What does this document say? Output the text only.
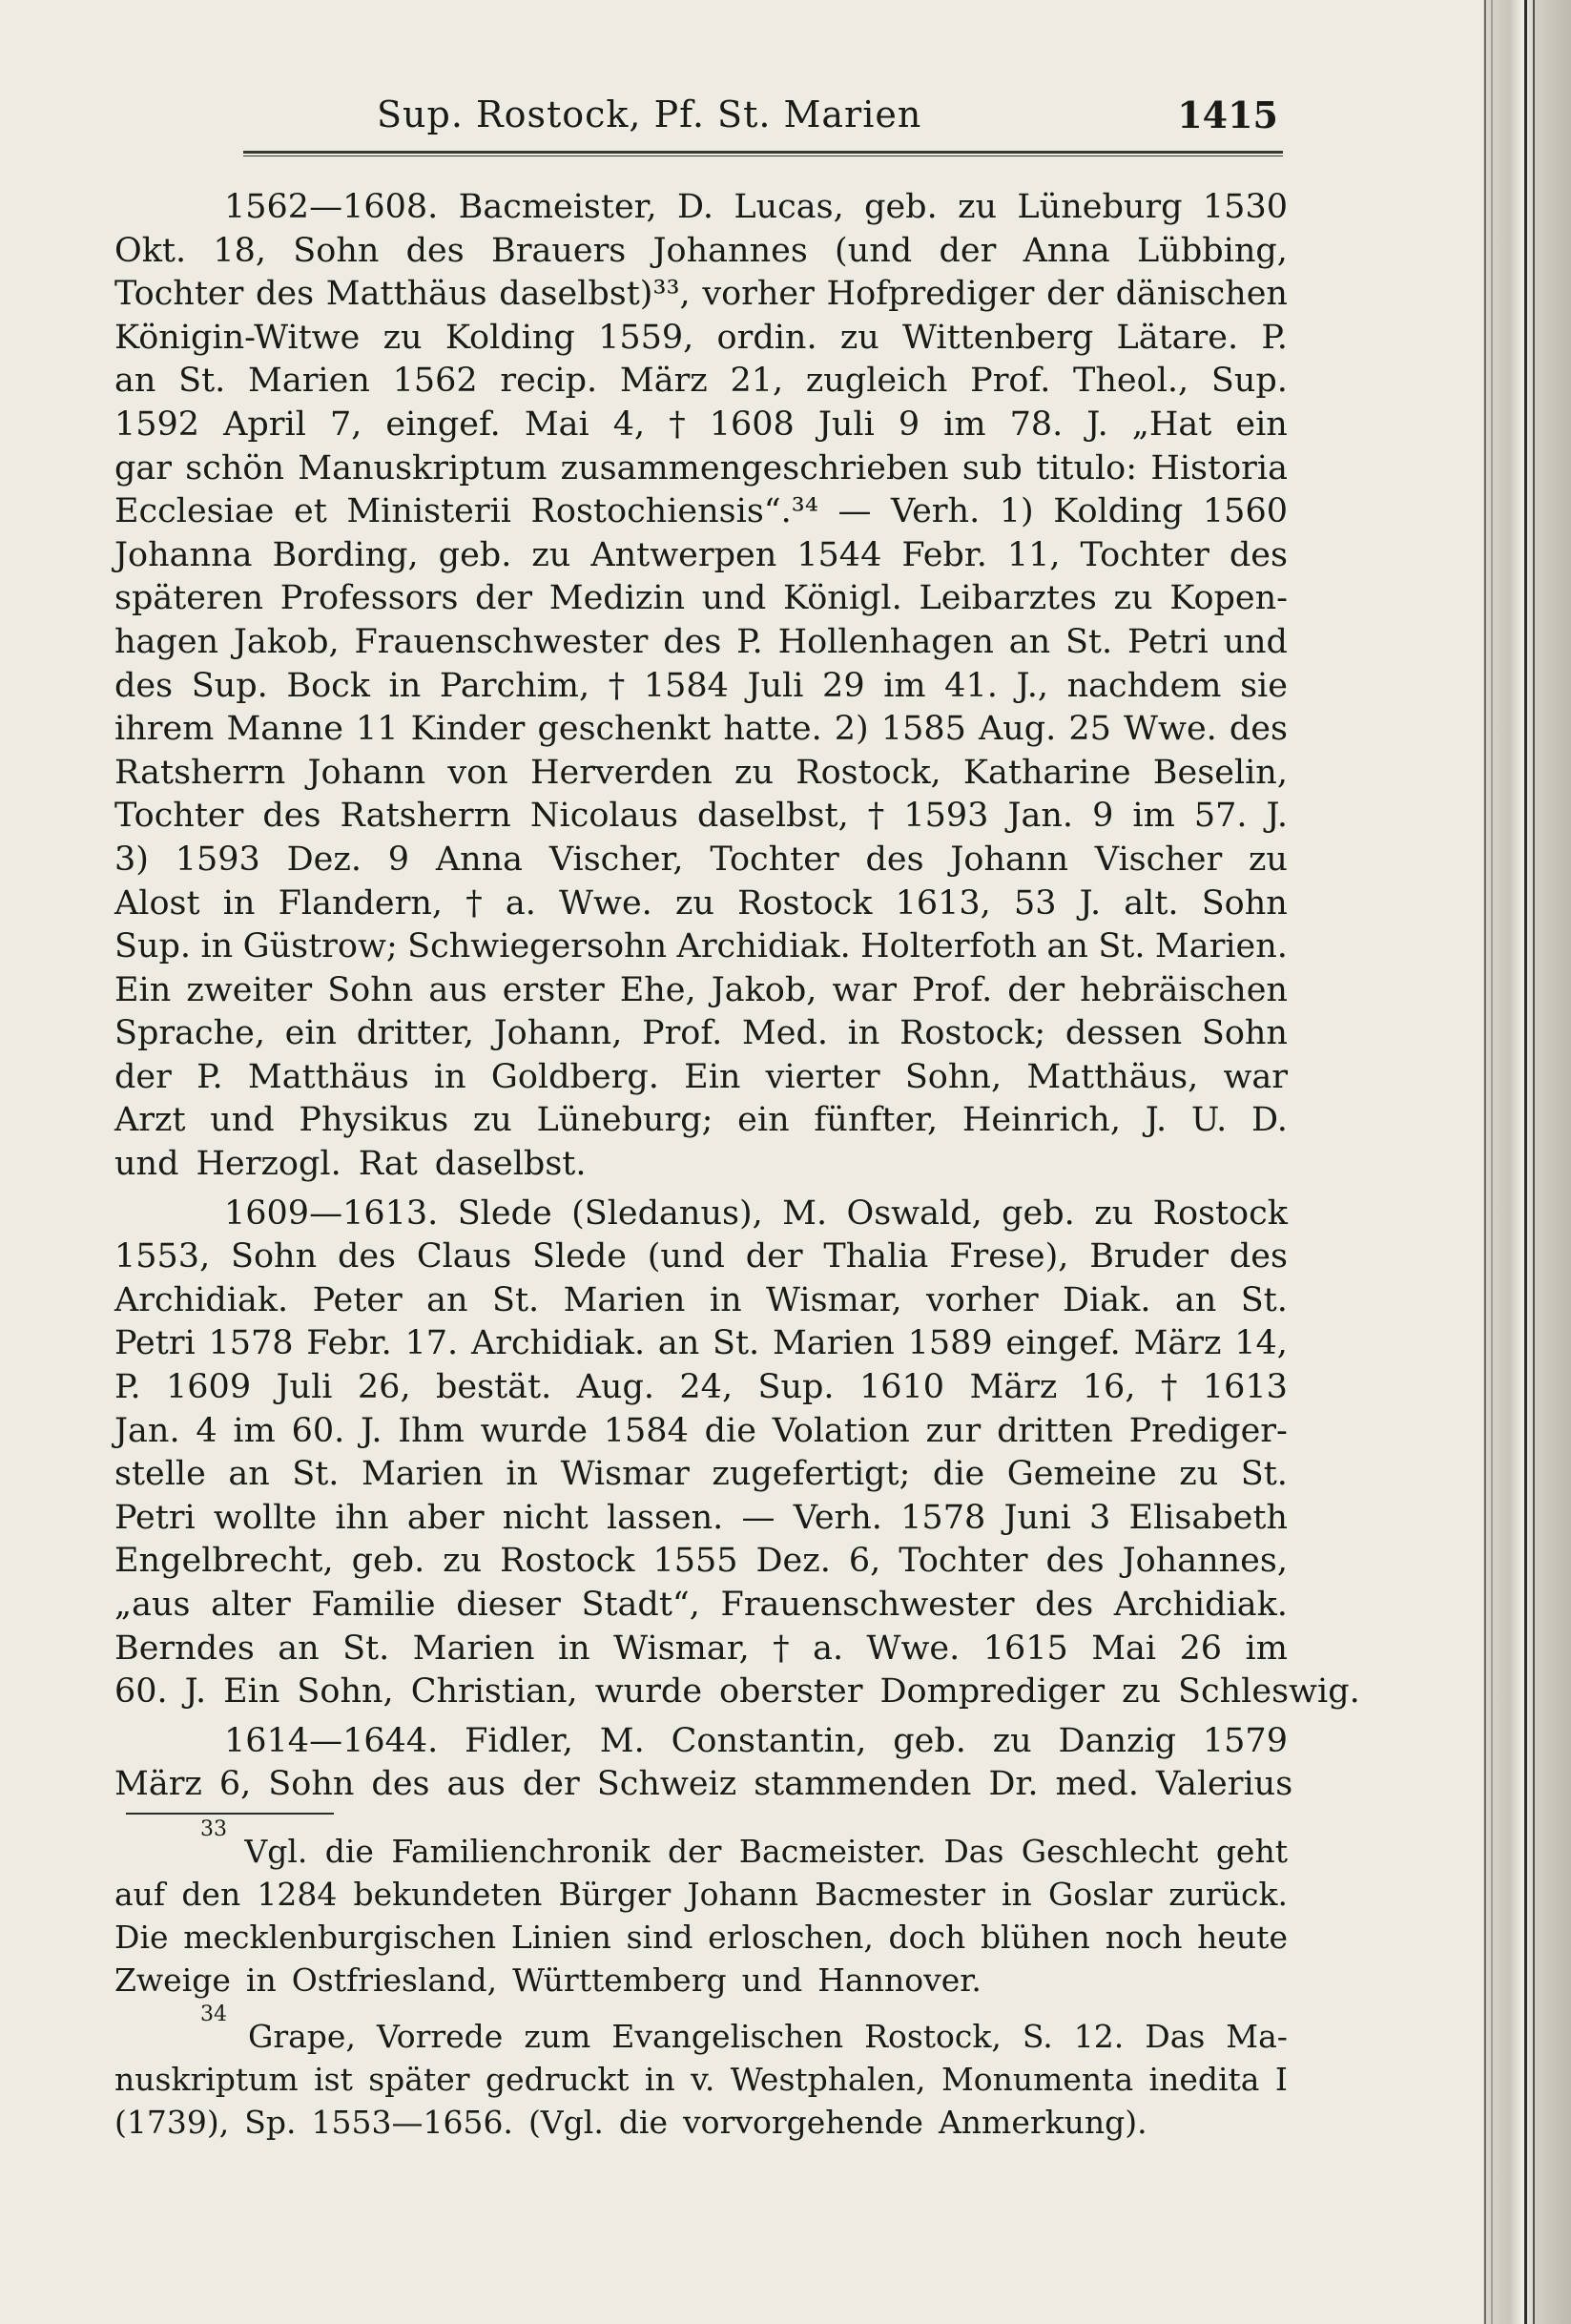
Sup. Rostock, Pf. St. Marien	1415
1562—1608. Bacmeister, D. Lucas, geb. zu Lüneburg 1530
Okt. 18, Sohn des Brauers Johannes (und der Anna Lübbing,
Tochter des Matthäus daselbst)³³, vorher Hofprediger der dänischen
Königin-Witwe zu Kolding 1559, ordin. zu Wittenberg Lätare. P.
an St. Marien 1562 recip. März 21, zugleich Prof. Theol., Sup.
1592 April 7, eingef. Mai 4, † 1608 Juli 9 im 78. J. „Hat ein
gar schön Manuskriptum zusammengeschrieben sub titulo: Historia
Ecclesiae et Ministerii Rostochiensis“.³⁴ — Verh. 1) Kolding 1560
Johanna Bording, geb. zu Antwerpen 1544 Febr. 11, Tochter des
späteren Professors der Medizin und Königl. Leibarztes zu Kopen-
hagen Jakob, Frauenschwester des P. Hollenhagen an St. Petri und
des Sup. Bock in Parchim, † 1584 Juli 29 im 41. J., nachdem sie
ihrem Manne 11 Kinder geschenkt hatte. 2) 1585 Aug. 25 Wwe. des
Ratsherrn Johann von Herverden zu Rostock, Katharine Beselin,
Tochter des Ratsherrn Nicolaus daselbst, † 1593 Jan. 9 im 57. J.
3) 1593 Dez. 9 Anna Vischer, Tochter des Johann Vischer zu
Alost in Flandern, † a. Wwe. zu Rostock 1613, 53 J. alt. Sohn
Sup. in Güstrow; Schwiegersohn Archidiak. Holterfoth an St. Marien.
Ein zweiter Sohn aus erster Ehe, Jakob, war Prof. der hebräischen
Sprache, ein dritter, Johann, Prof. Med. in Rostock; dessen Sohn
der P. Matthäus in Goldberg. Ein vierter Sohn, Matthäus, war
Arzt und Physikus zu Lüneburg; ein fünfter, Heinrich, J. U. D.
und Herzogl. Rat daselbst.
1609—1613. Slede (Sledanus), M. Oswald, geb. zu Rostock
1553, Sohn des Claus Slede (und der Thalia Frese), Bruder des
Archidiak. Peter an St. Marien in Wismar, vorher Diak. an St.
Petri 1578 Febr. 17. Archidiak. an St. Marien 1589 eingef. März 14,
P. 1609 Juli 26, bestät. Aug. 24, Sup. 1610 März 16, † 1613
Jan. 4 im 60. J. Ihm wurde 1584 die Volation zur dritten Prediger-
stelle an St. Marien in Wismar zugefertigt; die Gemeine zu St.
Petri wollte ihn aber nicht lassen. — Verh. 1578 Juni 3 Elisabeth
Engelbrecht, geb. zu Rostock 1555 Dez. 6, Tochter des Johannes,
„aus alter Familie dieser Stadt“, Frauenschwester des Archidiak.
Berndes an St. Marien in Wismar, † a. Wwe. 1615 Mai 26 im
60. J. Ein Sohn, Christian, wurde oberster Domprediger zu Schleswig.
1614—1644. Fidler, M. Constantin, geb. zu Danzig 1579
März 6, Sohn des aus der Schweiz stammenden Dr. med. Valerius
33
Vgl. die Familienchronik der Bacmeister. Das Geschlecht geht
auf den 1284 bekundeten Bürger Johann Bacmester in Goslar zurück.
Die mecklenburgischen Linien sind erloschen, doch blühen noch heute
Zweige in Ostfriesland, Württemberg und Hannover.
34
Grape, Vorrede zum Evangelischen Rostock, S. 12. Das Ma-
nuskriptum ist später gedruckt in v. Westphalen, Monumenta inedita I
(1739), Sp. 1553—1656. (Vgl. die vorvorgehende Anmerkung).
